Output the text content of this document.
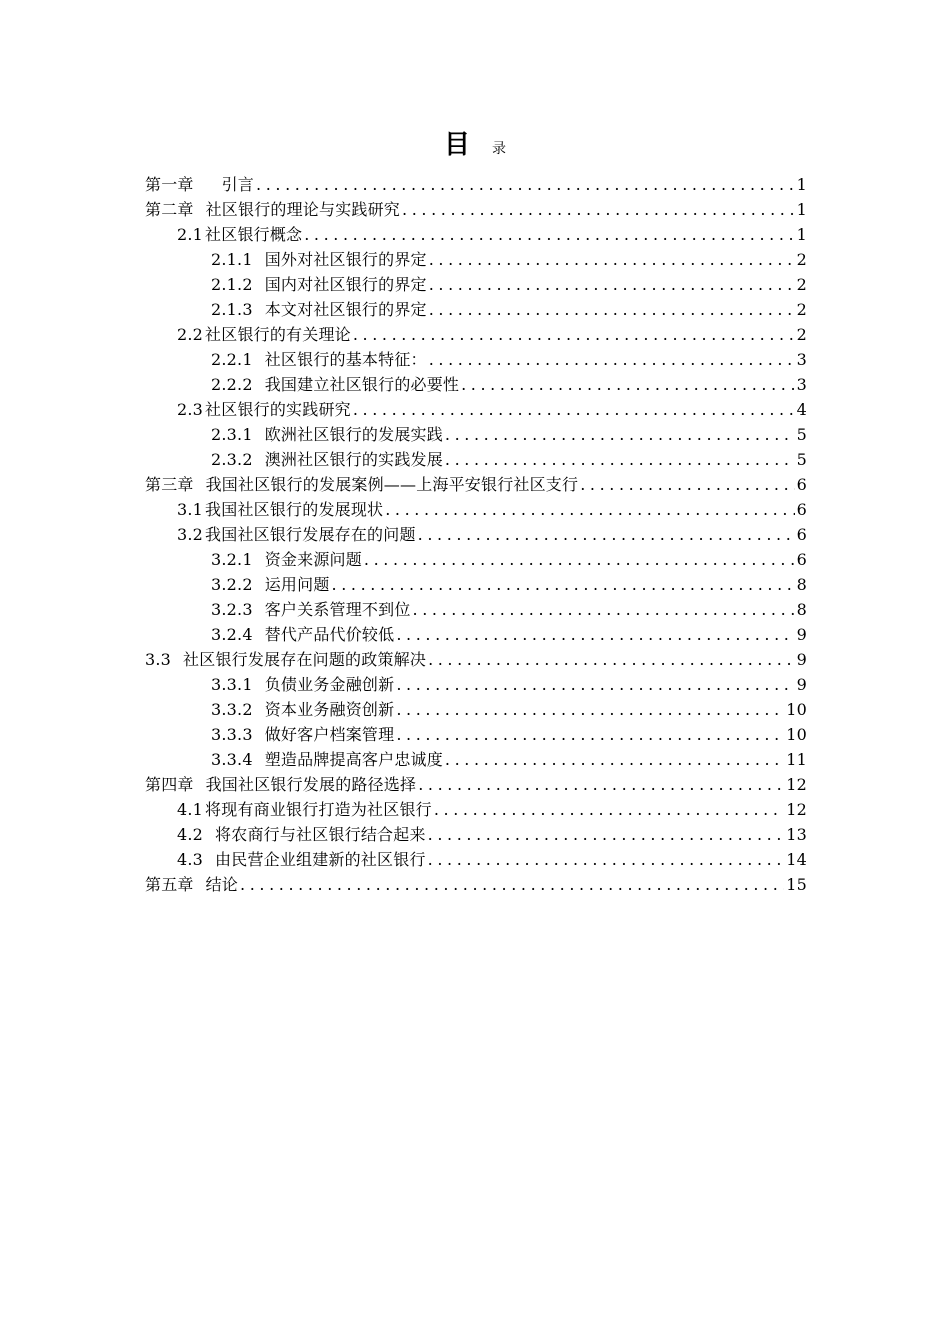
目 录
第一章 引言 .....	1
第二章 社区银行的理论与实践研究 .....	1
2.1 社区银行概念 .....	1
2.1.1 国外对社区银行的界定 .....	2
2.1.2 国内对社区银行的界定 .....	2
2.1.3 本文对社区银行的界定 .....	2
2.2 社区银行的有关理论 .....	2
2.2.1 社区银行的基本特征： .....	3
2.2.2 我国建立社区银行的必要性 .....	3
2.3 社区银行的实践研究 .....	4
2.3.1 欧洲社区银行的发展实践 .....	5
2.3.2 澳洲社区银行的实践发展 .....	5
第三章 我国社区银行的发展案例——上海平安银行社区支行 .....	6
3.1 我国社区银行的发展现状 .....	6
3.2 我国社区银行发展存在的问题 .....	6
3.2.1 资金来源问题 .....	6
3.2.2 运用问题 .....	8
3.2.3 客户关系管理不到位 .....	8
3.2.4 替代产品代价较低 .....	9
3.3 社区银行发展存在问题的政策解决 .....	9
3.3.1 负债业务金融创新 .....	9
3.3.2 资本业务融资创新 .....	10
3.3.3 做好客户档案管理 .....	10
3.3.4 塑造品牌提高客户忠诚度 .....	11
第四章 我国社区银行发展的路径选择 .....	12
4.1 将现有商业银行打造为社区银行 .....	12
4.2 将农商行与社区银行结合起来 .....	13
4.3 由民营企业组建新的社区银行 .....	14
第五章 结论 .....	15
